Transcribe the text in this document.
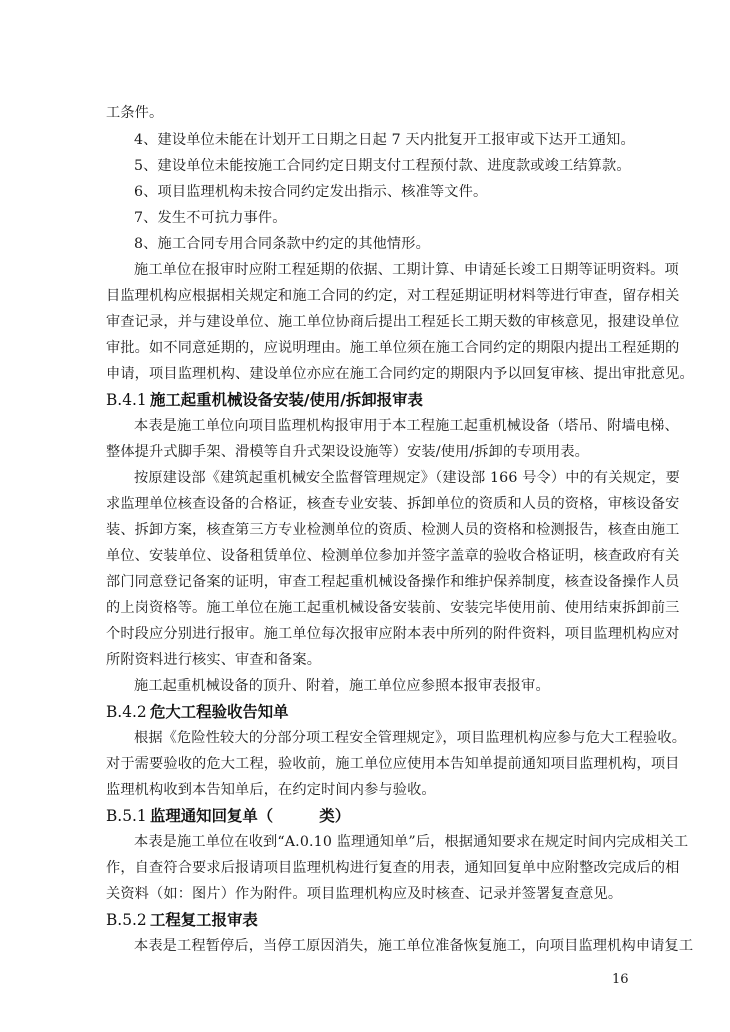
工条件。
4、建设单位未能在计划开工日期之日起 7 天内批复开工报审或下达开工通知。
5、建设单位未能按施工合同约定日期支付工程预付款、进度款或竣工结算款。
6、项目监理机构未按合同约定发出指示、核准等文件。
7、发生不可抗力事件。
8、施工合同专用合同条款中约定的其他情形。
施工单位在报审时应附工程延期的依据、工期计算、申请延长竣工日期等证明资料。项
目监理机构应根据相关规定和施工合同的约定，对工程延期证明材料等进行审查，留存相关
审查记录，并与建设单位、施工单位协商后提出工程延长工期天数的审核意见，报建设单位
审批。如不同意延期的，应说明理由。施工单位须在施工合同约定的期限内提出工程延期的
申请，项目监理机构、建设单位亦应在施工合同约定的期限内予以回复审核、提出审批意见。
B.4.1 施工起重机械设备安装/使用/拆卸报审表
本表是施工单位向项目监理机构报审用于本工程施工起重机械设备（塔吊、附墙电梯、
整体提升式脚手架、滑模等自升式架设设施等）安装/使用/拆卸的专项用表。
按原建设部《建筑起重机械安全监督管理规定》（建设部 166 号令）中的有关规定，要
求监理单位核查设备的合格证，核查专业安装、拆卸单位的资质和人员的资格，审核设备安
装、拆卸方案，核查第三方专业检测单位的资质、检测人员的资格和检测报告，核查由施工
单位、安装单位、设备租赁单位、检测单位参加并签字盖章的验收合格证明，核查政府有关
部门同意登记备案的证明，审查工程起重机械设备操作和维护保养制度，核查设备操作人员
的上岗资格等。施工单位在施工起重机械设备安装前、安装完毕使用前、使用结束拆卸前三
个时段应分别进行报审。施工单位每次报审应附本表中所列的附件资料，项目监理机构应对
所附资料进行核实、审查和备案。
施工起重机械设备的顶升、附着，施工单位应参照本报审表报审。
B.4.2 危大工程验收告知单
根据《危险性较大的分部分项工程安全管理规定》，项目监理机构应参与危大工程验收。
对于需要验收的危大工程，验收前，施工单位应使用本告知单提前通知项目监理机构，项目
监理机构收到本告知单后，在约定时间内参与验收。
B.5.1 监理通知回复单（　　　类）
本表是施工单位在收到“A.0.10 监理通知单”后，根据通知要求在规定时间内完成相关工
作，自查符合要求后报请项目监理机构进行复查的用表，通知回复单中应附整改完成后的相
关资料（如：图片）作为附件。项目监理机构应及时核查、记录并签署复查意见。
B.5.2 工程复工报审表
本表是工程暂停后，当停工原因消失，施工单位准备恢复施工，向项目监理机构申请复工
16
